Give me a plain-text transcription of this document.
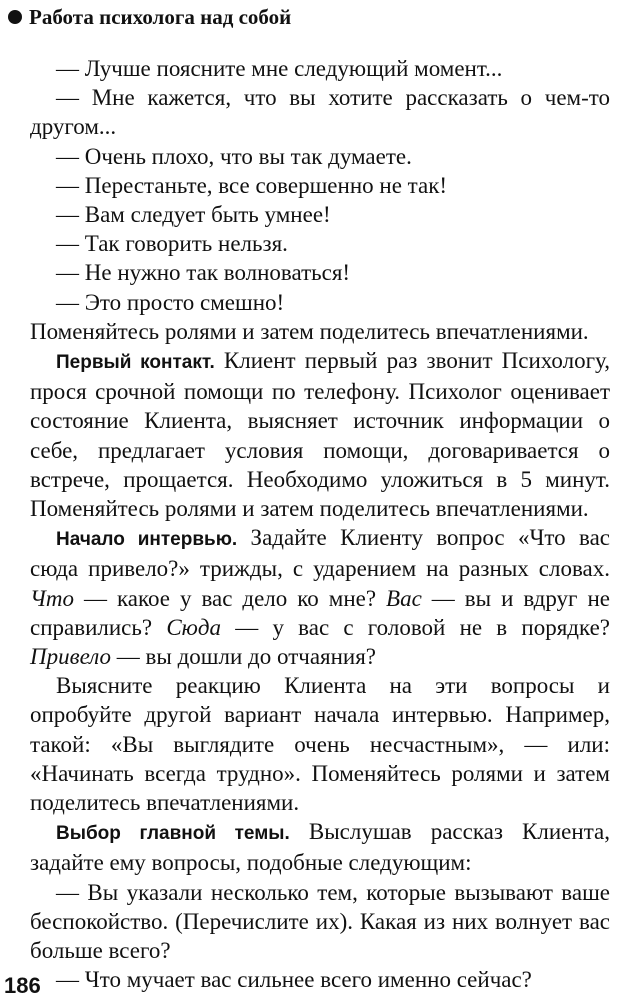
Работа психолога над собой

— Лучше поясните мне следующий момент...

— Мне кажется, что вы хотите рассказать о чем-то другом...

— Очень плохо, что вы так думаете.

— Перестаньте, все совершенно не так!

— Вам следует быть умнее!

— Так говорить нельзя.

— Не нужно так волноваться!

— Это просто смешно!

Поменяйтесь ролями и затем поделитесь впечатлениями.

Первый контакт. Клиент первый раз звонит Психологу, прося срочной помощи по телефону. Психолог оценивает состояние Клиента, выясняет источник информации о себе, предлагает условия помощи, договаривается о встрече, прощается. Необходимо уложиться в 5 минут. Поменяйтесь ролями и затем поделитесь впечатлениями.

Начало интервью. Задайте Клиенту вопрос «Что вас сюда привело?» трижды, с ударением на разных словах. Что — какое у вас дело ко мне? Вас — вы и вдруг не справились? Сюда — у вас с головой не в порядке? Привело — вы дошли до отчаяния?

Выясните реакцию Клиента на эти вопросы и опробуйте другой вариант начала интервью. Например, такой: «Вы выглядите очень несчастным», — или: «Начинать всегда трудно». Поменяйтесь ролями и затем поделитесь впечатлениями.

Выбор главной темы. Выслушав рассказ Клиента, задайте ему вопросы, подобные следующим:

— Вы указали несколько тем, которые вызывают ваше беспокойство. (Перечислите их). Какая из них волнует вас больше всего?

— Что мучает вас сильнее всего именно сейчас?

186
